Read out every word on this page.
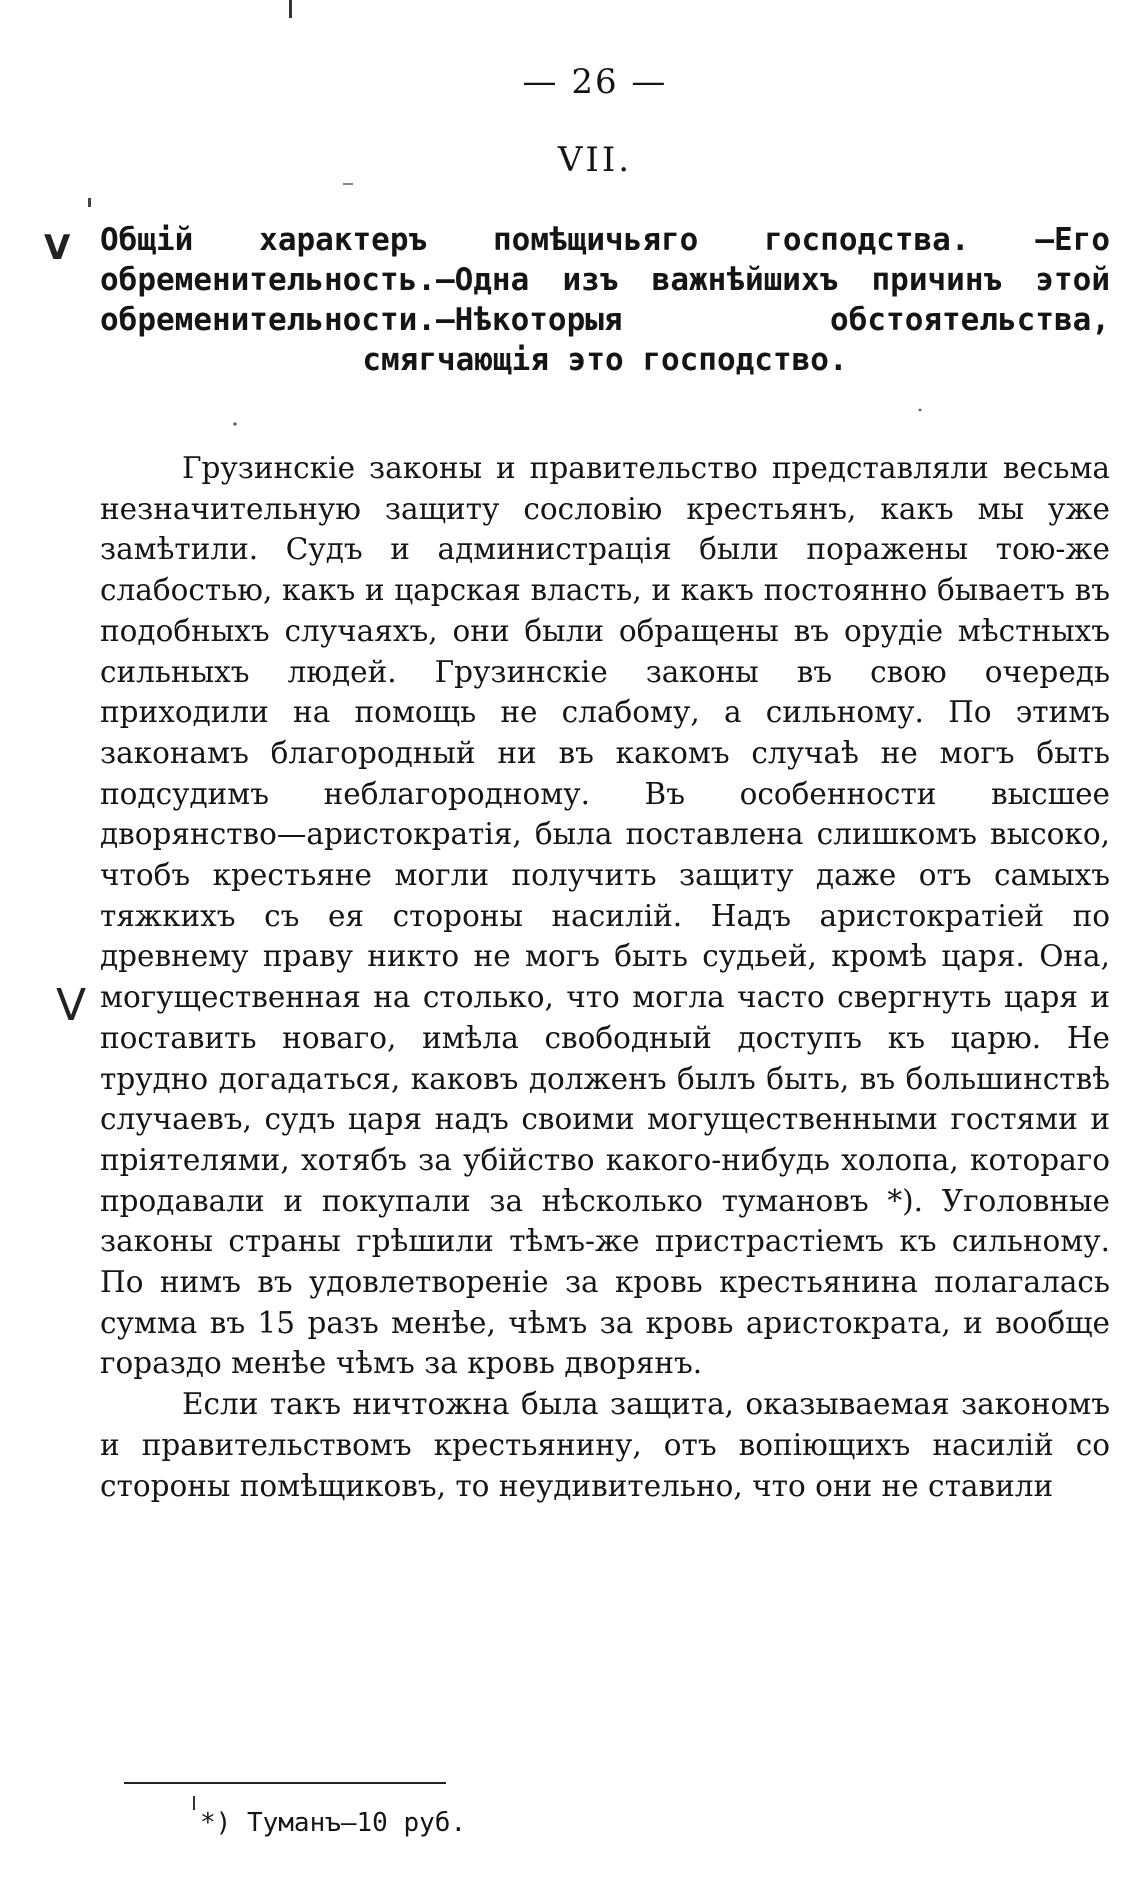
— 26 —
VII.
V Общій характеръ помѣщичьяго господства. —Его обременительность.—Одна изъ важнѣйшихъ причинъ этой обременительности.—Нѣкоторыя обстоятельства, смягчающія это господство.

Грузинскіе законы и правительство представляли весьма незначительную защиту сословію крестьянъ, какъ мы уже замѣтили. Судъ и администрація были поражены тою-же слабостью, какъ и царская власть, и какъ постоянно бываетъ въ подобныхъ случаяхъ, они были обращены въ орудіе мѣстныхъ сильныхъ людей. Грузинскіе законы въ свою очередь приходили на помощь не слабому, а сильному. По этимъ законамъ благородный ни въ какомъ случаѣ не могъ быть подсудимъ неблагородному. Въ особенности высшее дворянство—аристократія, была поставлена слишкомъ высоко, чтобъ крестьяне могли получить защиту даже отъ самыхъ тяжкихъ съ ея стороны насилій. Надъ аристократіей по древнему праву никто не могъ быть судьей, кромѣ царя. Она, могущественная на столько, что могла часто свергнуть царя и поставить новаго, имѣла свободный доступъ къ царю. Не трудно догадаться, каковъ долженъ былъ быть, въ большинствѣ случаевъ, судъ царя надъ своими могущественными гостями и пріятелями, хотябъ за убійство какого-нибудь холопа, котораго продавали и покупали за нѣсколько тумановъ *). Уголовные законы страны грѣшили тѣмъ-же пристрастіемъ къ сильному. По нимъ въ удовлетвореніе за кровь крестьянина полагалась сумма въ 15 разъ менѣе, чѣмъ за кровь аристократа, и вообще гораздо менѣе чѣмъ за кровь дворянъ.

Если такъ ничтожна была защита, оказываемая закономъ и правительствомъ крестьянину, отъ вопіющихъ насилій со стороны помѣщиковъ, то неудивительно, что они не ставили

V
*) Туманъ—10 руб.
